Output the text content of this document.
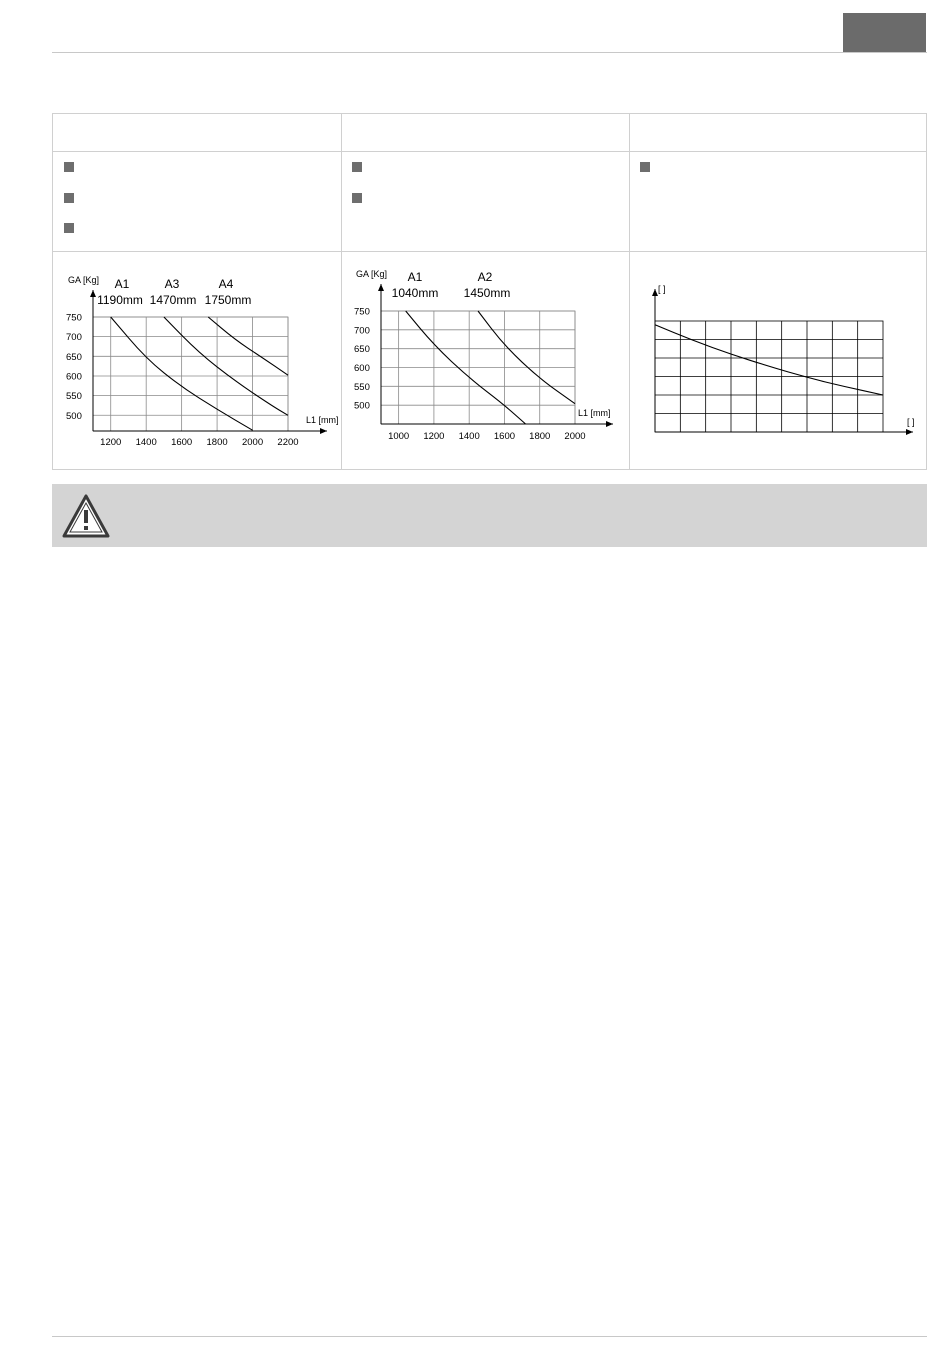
1200 1400 1600 1800 2000 2200
500
550
600
650
700
750
GA [Kg]
L1 [mm]
A1
1190mm
A3
1470mm
A4
1750mm
1000 1200 1400 1600 1800 2000
500
550
600
650
700
750
GA [Kg]
L1 [mm]
A1
1040mm
A2
1450mm	[ ]
[ ]
